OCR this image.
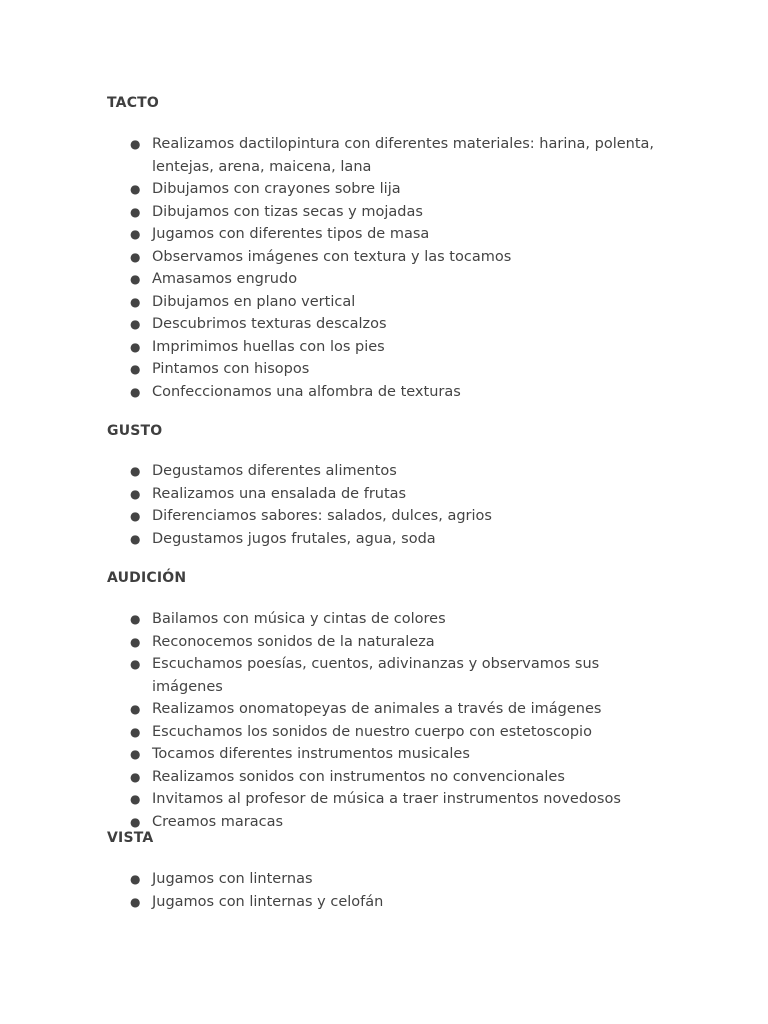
TACTO
● Realizamos dactilopintura con diferentes materiales: harina, polenta, lentejas, arena, maicena, lana
● Dibujamos con crayones sobre lija
● Dibujamos con tizas secas y mojadas
● Jugamos con diferentes tipos de masa
● Observamos imágenes con textura y las tocamos
● Amasamos engrudo
● Dibujamos en plano vertical
● Descubrimos texturas descalzos
● Imprimimos huellas con los pies
● Pintamos con hisopos
● Confeccionamos una alfombra de texturas
GUSTO
● Degustamos diferentes alimentos
● Realizamos una ensalada de frutas
● Diferenciamos sabores: salados, dulces, agrios
● Degustamos jugos frutales, agua, soda
AUDICIÓN
● Bailamos con música y cintas de colores
● Reconocemos sonidos de la naturaleza
● Escuchamos poesías, cuentos, adivinanzas y observamos sus imágenes
● Realizamos onomatopeyas de animales a través de imágenes
● Escuchamos los sonidos de nuestro cuerpo con estetoscopio
● Tocamos diferentes instrumentos musicales
● Realizamos sonidos con instrumentos no convencionales
● Invitamos al profesor de música a traer instrumentos novedosos
● Creamos maracas
VISTA
● Jugamos con linternas
● Jugamos con linternas y celofán
